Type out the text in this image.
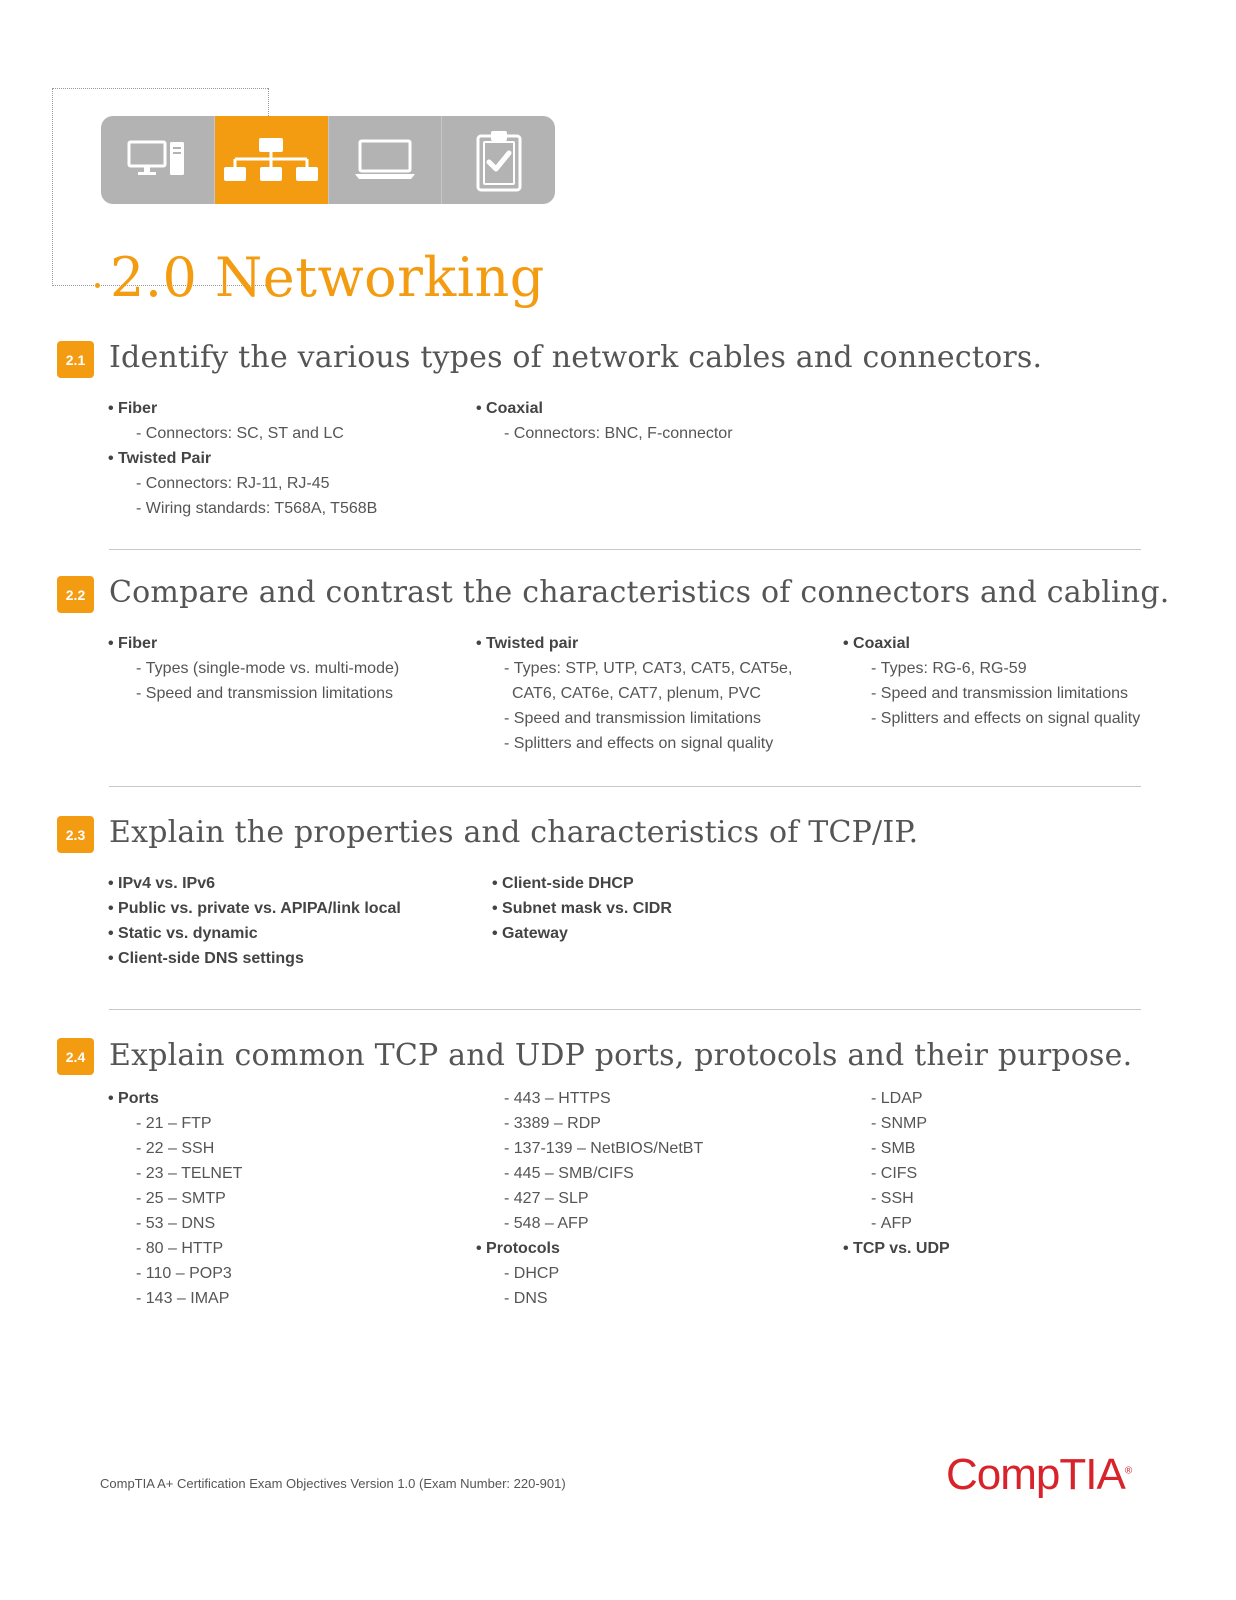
2.0 Networking
2.1 Identify the various types of network cables and connectors.
• Fiber
- Connectors: SC, ST and LC
• Twisted Pair
- Connectors: RJ-11, RJ-45
- Wiring standards: T568A, T568B
• Coaxial
- Connectors: BNC, F-connector
2.2 Compare and contrast the characteristics of connectors and cabling.
• Fiber
- Types (single-mode vs. multi-mode)
- Speed and transmission limitations
• Twisted pair
- Types: STP, UTP, CAT3, CAT5, CAT5e,
CAT6, CAT6e, CAT7, plenum, PVC
- Speed and transmission limitations
- Splitters and effects on signal quality
• Coaxial
- Types: RG-6, RG-59
- Speed and transmission limitations
- Splitters and effects on signal quality
2.3 Explain the properties and characteristics of TCP/IP.
• IPv4 vs. IPv6
• Public vs. private vs. APIPA/link local
• Static vs. dynamic
• Client-side DNS settings
• Client-side DHCP
• Subnet mask vs. CIDR
• Gateway
2.4 Explain common TCP and UDP ports, protocols and their purpose.
• Ports
- 21 – FTP
- 22 – SSH
- 23 – TELNET
- 25 – SMTP
- 53 – DNS
- 80 – HTTP
- 110 – POP3
- 143 – IMAP
- 443 – HTTPS
- 3389 – RDP
- 137-139 – NetBIOS/NetBT
- 445 – SMB/CIFS
- 427 – SLP
- 548 – AFP
• Protocols
- DHCP
- DNS
- LDAP
- SNMP
- SMB
- CIFS
- SSH
- AFP
• TCP vs. UDP
CompTIA A+ Certification Exam Objectives Version 1.0 (Exam Number: 220-901)	CompTIA®
